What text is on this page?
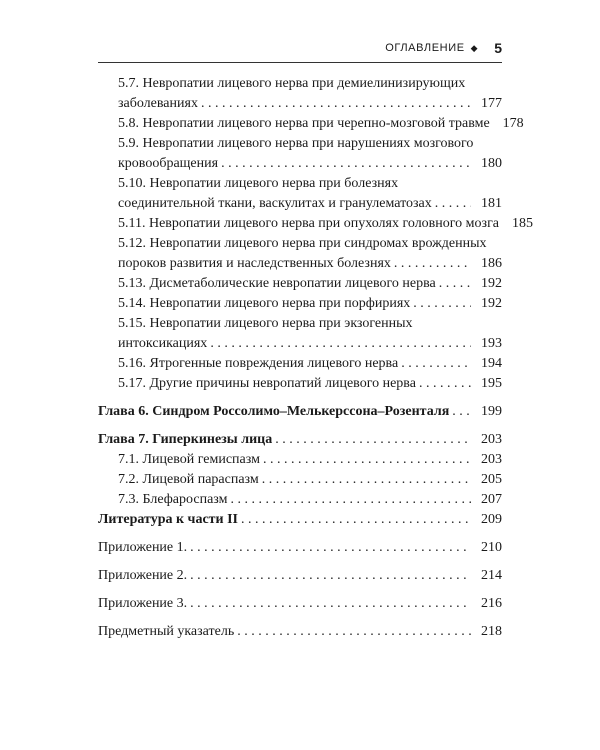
ОГЛАВЛЕНИЕ ◆ 5
5.7. Невропатии лицевого нерва при демиелинизирующих
заболеваниях . . .	177
5.8. Невропатии лицевого нерва при черепно-мозговой травме 178
5.9. Невропатии лицевого нерва при нарушениях мозгового
кровообращения . . .	180
5.10. Невропатии лицевого нерва при болезнях
соединительной ткани, васкулитах и гранулематозах . . .	181
5.11. Невропатии лицевого нерва при опухолях головного мозга 185
5.12. Невропатии лицевого нерва при синдромах врожденных
пороков развития и наследственных болезнях . . .	186
5.13. Дисметаболические невропатии лицевого нерва . . .	192
5.14. Невропатии лицевого нерва при порфириях . . .	192
5.15. Невропатии лицевого нерва при экзогенных
интоксикациях . . .	193
5.16. Ятрогенные повреждения лицевого нерва . . .	194
5.17. Другие причины невропатий лицевого нерва . . .	195
Глава 6. Синдром Россолимо–Мелькерссона–Розенталя . . .	199
Глава 7. Гиперкинезы лица . . .	203
7.1. Лицевой гемиспазм . . .	203
7.2. Лицевой параспазм . . .	205
7.3. Блефароспазм . . .	207
Литература к части II . . .	209
Приложение 1. . . .	210
Приложение 2. . . .	214
Приложение 3. . . .	216
Предметный указатель . . .	218
